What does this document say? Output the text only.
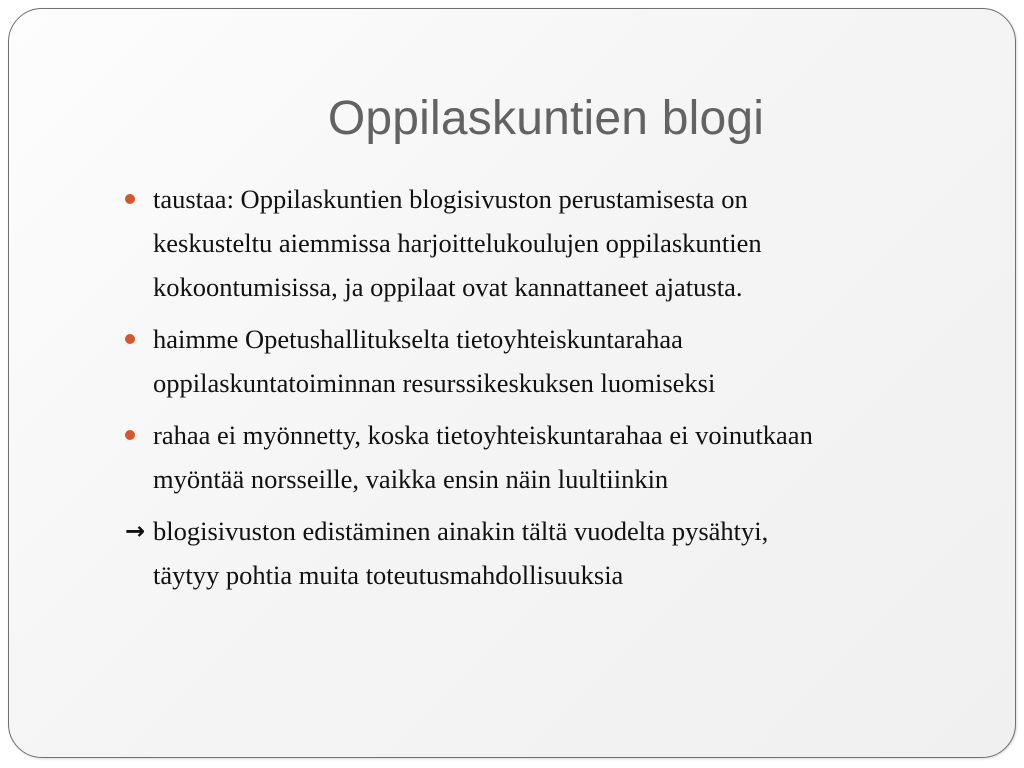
Oppilaskuntien blogi
taustaa: Oppilaskuntien blogisivuston perustamisesta on
keskusteltu aiemmissa harjoittelukoulujen oppilaskuntien
kokoontumisissa, ja oppilaat ovat kannattaneet ajatusta.
haimme Opetushallitukselta tietoyhteiskuntarahaa
oppilaskuntatoiminnan resurssikeskuksen luomiseksi
rahaa ei myönnetty, koska tietoyhteiskuntarahaa ei voinutkaan
myöntää norsseille, vaikka ensin näin luultiinkin
→ blogisivuston edistäminen ainakin tältä vuodelta pysähtyi,
täytyy pohtia muita toteutusmahdollisuuksia
